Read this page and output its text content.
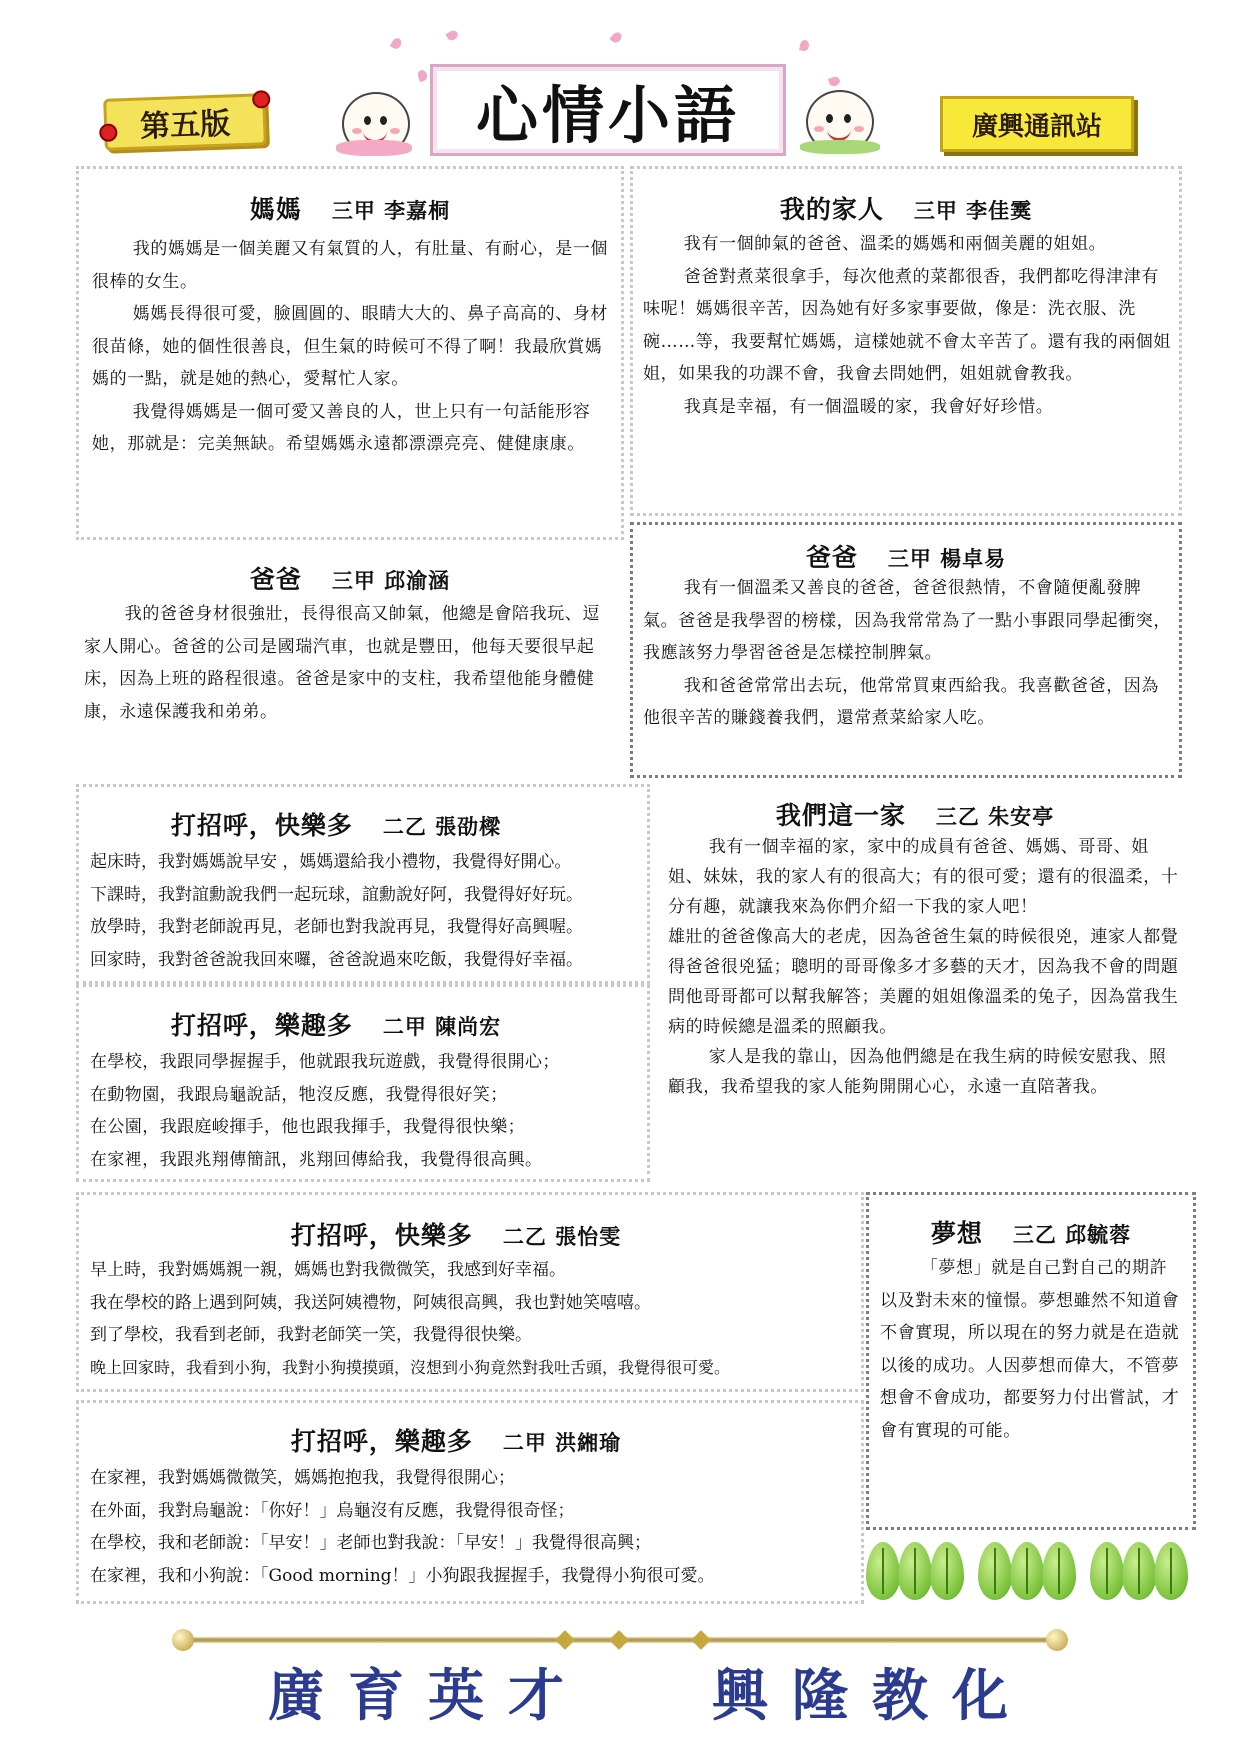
第五版	心情小語	廣興通訊站
媽媽 三甲 李嘉桐

我的媽媽是一個美麗又有氣質的人，有肚量、有耐心，是一個很棒的女生。

媽媽長得很可愛，臉圓圓的、眼睛大大的、鼻子高高的、身材很苗條，她的個性很善良，但生氣的時候可不得了啊！我最欣賞媽媽的一點，就是她的熱心，愛幫忙人家。

我覺得媽媽是一個可愛又善良的人，世上只有一句話能形容她，那就是：完美無缺。希望媽媽永遠都漂漂亮亮、健健康康。

我的家人 三甲 李佳霙

我有一個帥氣的爸爸、溫柔的媽媽和兩個美麗的姐姐。

爸爸對煮菜很拿手，每次他煮的菜都很香，我們都吃得津津有味呢！媽媽很辛苦，因為她有好多家事要做，像是：洗衣服、洗碗……等，我要幫忙媽媽，這樣她就不會太辛苦了。還有我的兩個姐姐，如果我的功課不會，我會去問她們，姐姐就會教我。

我真是幸福，有一個溫暖的家，我會好好珍惜。

爸爸 三甲 邱渝涵

我的爸爸身材很強壯，長得很高又帥氣，他總是會陪我玩、逗家人開心。爸爸的公司是國瑞汽車，也就是豐田，他每天要很早起床，因為上班的路程很遠。爸爸是家中的支柱，我希望他能身體健康，永遠保護我和弟弟。

爸爸 三甲 楊卓易

我有一個溫柔又善良的爸爸，爸爸很熱情，不會隨便亂發脾氣。爸爸是我學習的榜樣，因為我常常為了一點小事跟同學起衝突，我應該努力學習爸爸是怎樣控制脾氣。

我和爸爸常常出去玩，他常常買東西給我。我喜歡爸爸，因為他很辛苦的賺錢養我們，還常煮菜給家人吃。

打招呼，快樂多 二乙 張劭樑

起床時，我對媽媽說早安 ，媽媽還給我小禮物，我覺得好開心。

下課時，我對誼勳說我們一起玩球，誼勳說好阿，我覺得好好玩。

放學時，我對老師說再見，老師也對我說再見，我覺得好高興喔。

回家時，我對爸爸說我回來囉，爸爸說過來吃飯，我覺得好幸福。

我們這一家 三乙 朱安亭

我有一個幸福的家，家中的成員有爸爸、媽媽、哥哥、姐姐、妹妹，我的家人有的很高大；有的很可愛；還有的很溫柔，十分有趣，就讓我來為你們介紹一下我的家人吧！

雄壯的爸爸像高大的老虎，因為爸爸生氣的時候很兇，連家人都覺得爸爸很兇猛；聰明的哥哥像多才多藝的天才，因為我不會的問題問他哥哥都可以幫我解答；美麗的姐姐像溫柔的兔子，因為當我生病的時候總是溫柔的照顧我。

家人是我的靠山，因為他們總是在我生病的時候安慰我、照顧我，我希望我的家人能夠開開心心，永遠一直陪著我。

打招呼，樂趣多 二甲 陳尚宏

在學校，我跟同學握握手，他就跟我玩遊戲，我覺得很開心；

在動物園，我跟烏龜說話，牠沒反應，我覺得很好笑；

在公園，我跟庭峻揮手，他也跟我揮手，我覺得很快樂；

在家裡，我跟兆翔傳簡訊，兆翔回傳給我，我覺得很高興。

打招呼，快樂多 二乙 張怡雯

早上時，我對媽媽親一親，媽媽也對我微微笑，我感到好幸福。

我在學校的路上遇到阿姨，我送阿姨禮物，阿姨很高興，我也對她笑嘻嘻。

到了學校，我看到老師，我對老師笑一笑，我覺得很快樂。

晚上回家時，我看到小狗，我對小狗摸摸頭，沒想到小狗竟然對我吐舌頭，我覺得很可愛。

夢想 三乙 邱毓蓉

「夢想」就是自己對自己的期許以及對未來的憧憬。夢想雖然不知道會不會實現，所以現在的努力就是在造就以後的成功。人因夢想而偉大，不管夢想會不會成功，都要努力付出嘗試，才會有實現的可能。

打招呼，樂趣多 二甲 洪緗瑜

在家裡，我對媽媽微微笑，媽媽抱抱我，我覺得很開心；

在外面，我對烏龜說：「你好！」烏龜沒有反應，我覺得很奇怪；

在學校，我和老師說：「早安！」老師也對我說：「早安！」我覺得很高興；

在家裡，我和小狗說：「Good morning！」小狗跟我握握手，我覺得小狗很可愛。

廣育英才 興隆教化
